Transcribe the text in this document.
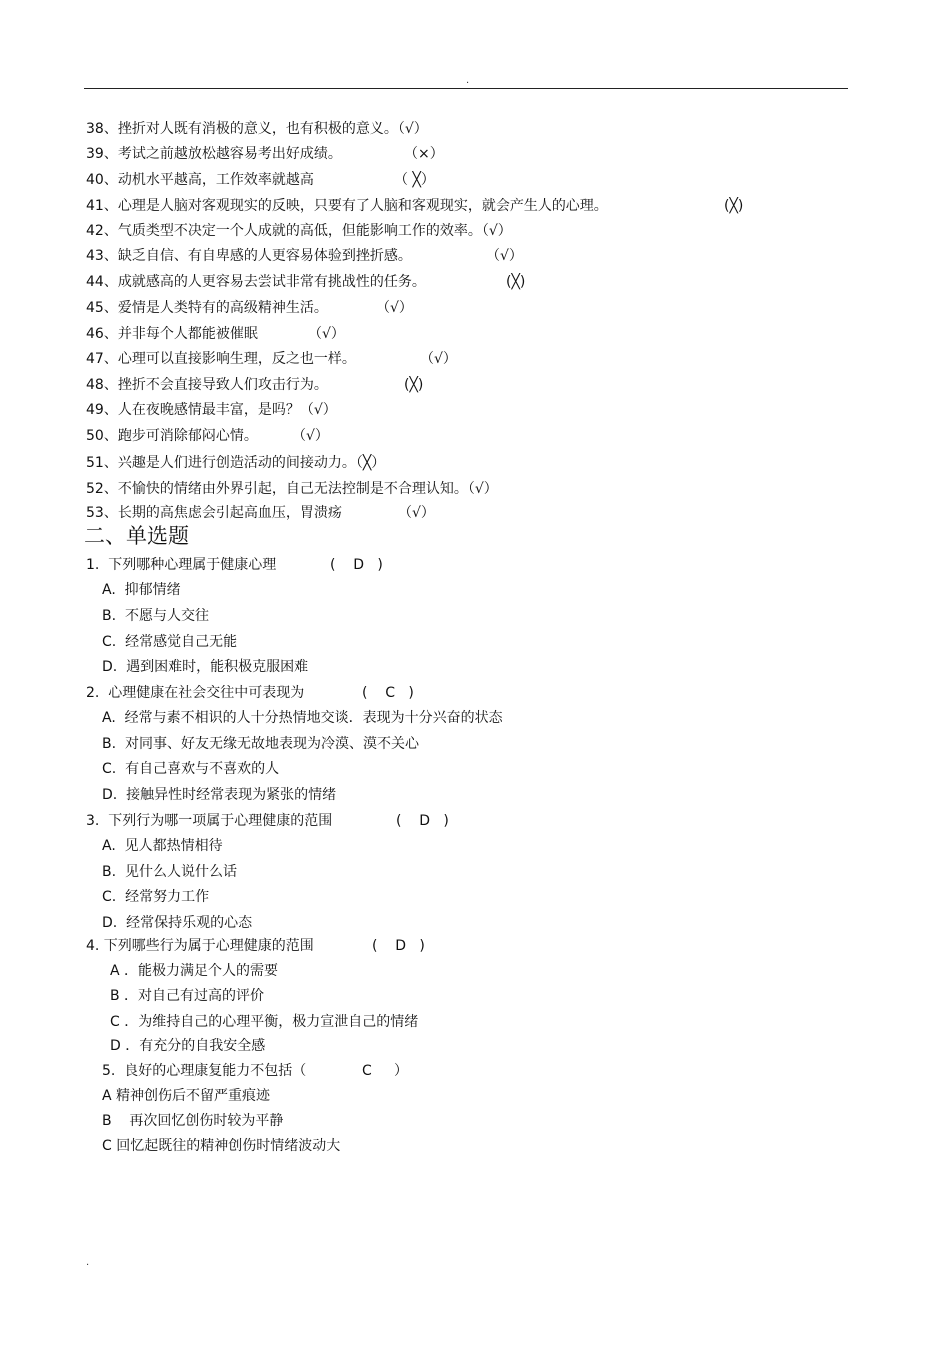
.
38、挫折对人既有消极的意义，也有积极的意义。（√）
39、考试之前越放松越容易考出好成绩。	（×）
40、动机水平越高，工作效率就越高	（ ╳）
41、心理是人脑对客观现实的反映，只要有了人脑和客观现实，就会产生人的心理。	(╳)
42、气质类型不决定一个人成就的高低，但能影响工作的效率。（√）
43、缺乏自信、有自卑感的人更容易体验到挫折感。	（√）
44、成就感高的人更容易去尝试非常有挑战性的任务。	(╳)
45、爱情是人类特有的高级精神生活。	（√）
46、并非每个人都能被催眠	（√）
47、心理可以直接影响生理，反之也一样。	（√）
48、挫折不会直接导致人们攻击行为。	(╳)
49、人在夜晚感情最丰富，是吗？（√）
50、跑步可消除郁闷心情。 （√）
51、兴趣是人们进行创造活动的间接动力。（╳）
52、不愉快的情绪由外界引起，自己无法控制是不合理认知。（√）
53、长期的高焦虑会引起高血压，胃溃疡	（√）
二、单选题
1.  下列哪种心理属于健康心理	(    D   )
A.  抑郁情绪
B.  不愿与人交往
C.  经常感觉自己无能
D.  遇到困难时，能积极克服困难
2.  心理健康在社会交往中可表现为	(    C   )
A.  经常与素不相识的人十分热情地交谈．表现为十分兴奋的状态
B.  对同事、好友无缘无故地表现为冷漠、漠不关心
C.  有自己喜欢与不喜欢的人
D.  接触异性时经常表现为紧张的情绪
3.  下列行为哪一项属于心理健康的范围	(    D   )
A.  见人都热情相待
B.  见什么人说什么话
C.  经常努力工作
D.  经常保持乐观的心态
4. 下列哪些行为属于心理健康的范围	(    D   )
A ．能极力满足个人的需要
B ．对自己有过高的评价
C ．为维持自己的心理平衡，极力宣泄自己的情绪
D ．有充分的自我安全感
5.  良好的心理康复能力不包括（	C     ）
A 精神创伤后不留严重痕迹
B    再次回忆创伤时较为平静
C 回忆起既往的精神创伤时情绪波动大
.
